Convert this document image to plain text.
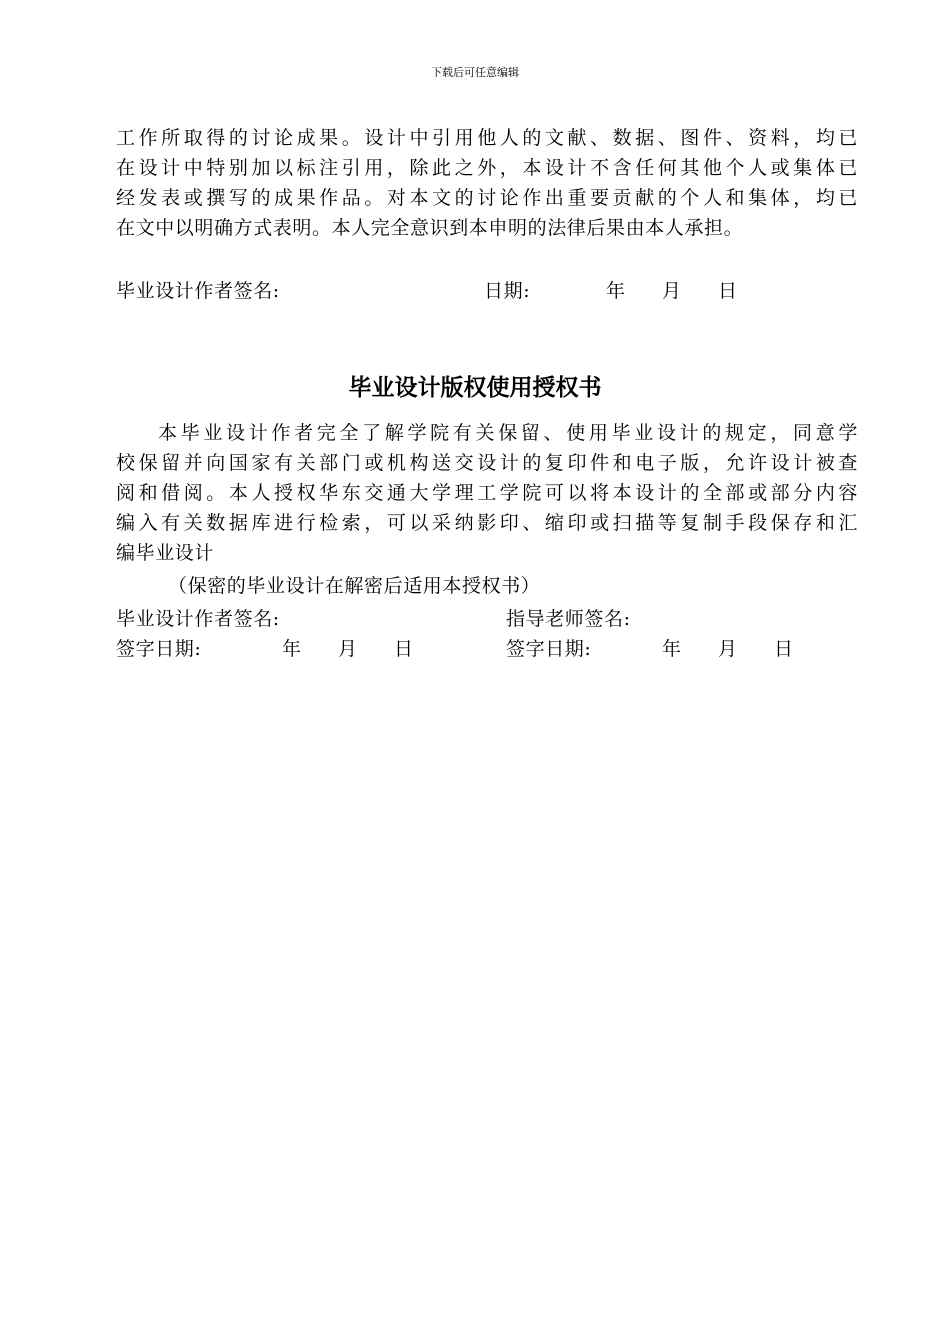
下载后可任意编辑
工作所取得的讨论成果。设计中引用他人的文献、数据、图件、资料，均已
在设计中特别加以标注引用，除此之外，本设计不含任何其他个人或集体已
经发表或撰写的成果作品。对本文的讨论作出重要贡献的个人和集体，均已
在文中以明确方式表明。本人完全意识到本申明的法律后果由本人承担。
毕业设计作者签名:	日期:	年 月 日
毕业设计版权使用授权书
本毕业设计作者完全了解学院有关保留、使用毕业设计的规定，同意学
校保留并向国家有关部门或机构送交设计的复印件和电子版，允许设计被查
阅和借阅。本人授权华东交通大学理工学院可以将本设计的全部或部分内容
编入有关数据库进行检索，可以采纳影印、缩印或扫描等复制手段保存和汇
编毕业设计
（保密的毕业设计在解密后适用本授权书）
毕业设计作者签名:	指导老师签名:
签字日期:	年 月 日	签字日期:	年 月 日
